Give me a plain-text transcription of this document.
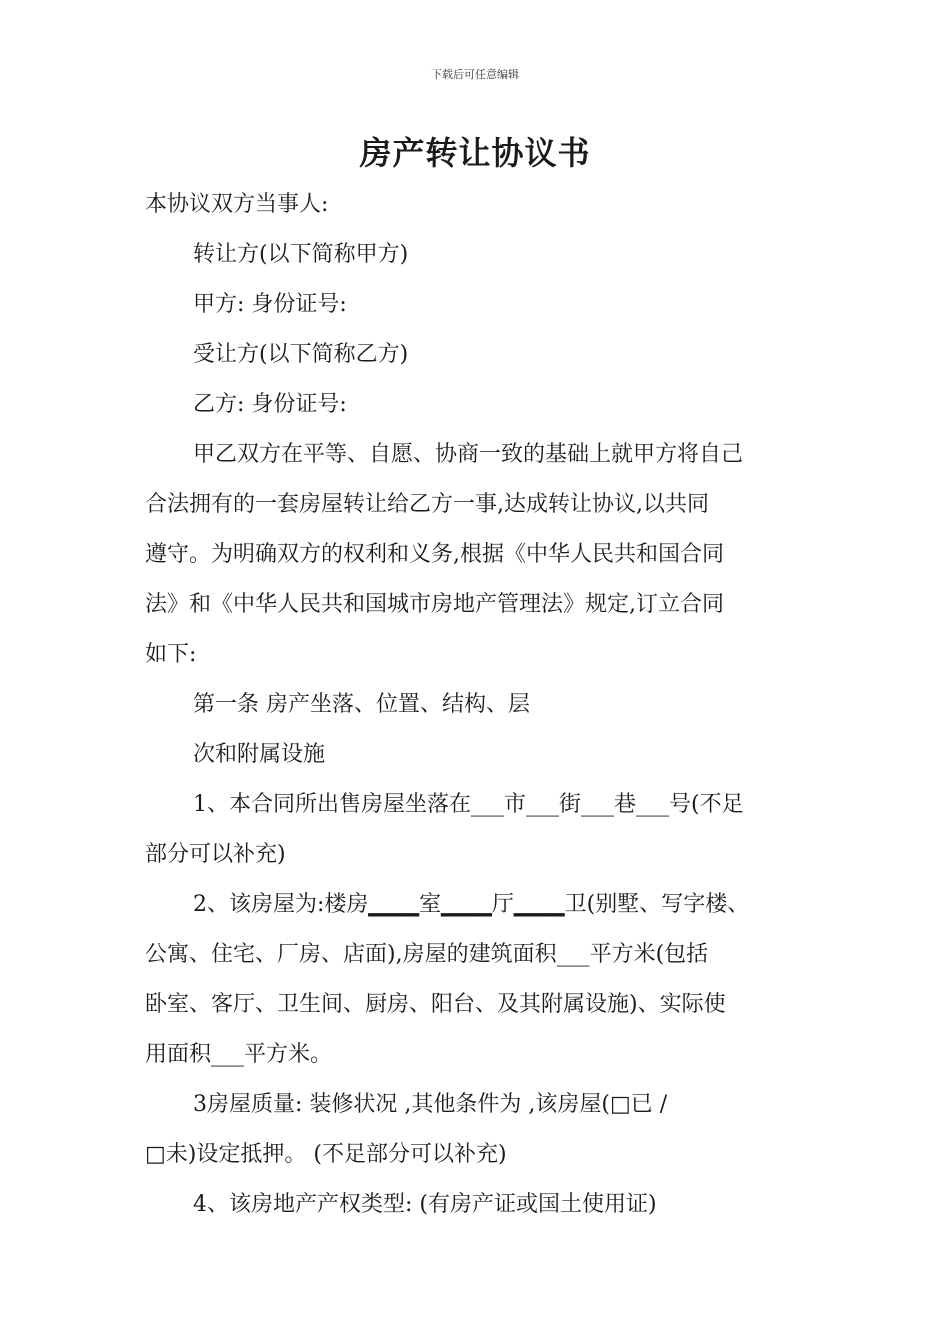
下载后可任意编辑
房产转让协议书
本协议双方当事人:
转让方(以下简称甲方)
甲方: 身份证号:
受让方(以下简称乙方)
乙方: 身份证号:
甲乙双方在平等、自愿、协商一致的基础上就甲方将自己
合法拥有的一套房屋转让给乙方一事,达成转让协议,以共同
遵守。为明确双方的权利和义务,根据《中华人民共和国合同
法》和《中华人民共和国城市房地产管理法》规定,订立合同
如下:
第一条 房产坐落、位置、结构、层
次和附属设施
1、本合同所出售房屋坐落在___市___街___巷___号(不足
部分可以补充)
2、该房屋为:楼房▁▁▁室▁▁▁厅▁▁▁卫(别墅、写字楼、
公寓、住宅、厂房、店面),房屋的建筑面积___平方米(包括
卧室、客厅、卫生间、厨房、阳台、及其附属设施)、实际使
用面积___平方米。
3房屋质量: 装修状况 ,其他条件为 ,该房屋(□已 /
□未)设定抵押。 (不足部分可以补充)
4、该房地产产权类型: (有房产证或国土使用证)
